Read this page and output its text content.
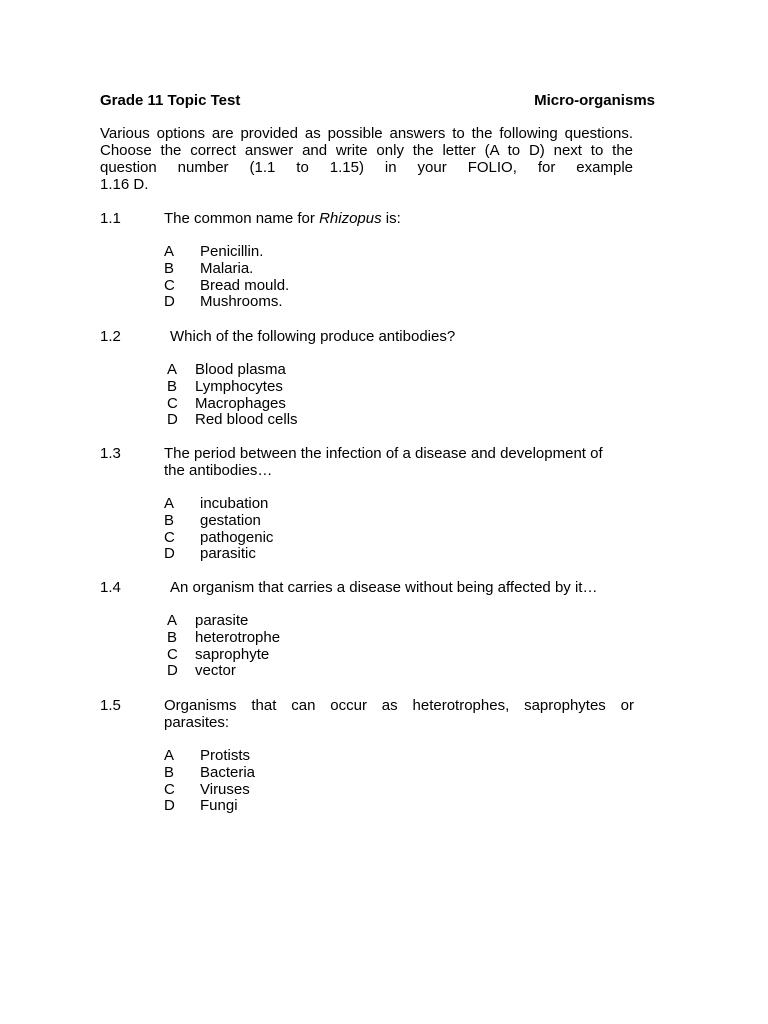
Grade 11 Topic Test	Micro-organisms
Various options are provided as possible answers to the following questions.
Choose the correct answer and write only the letter (A to D) next to the
question number (1.1 to 1.15) in your FOLIO, for example
1.16 D.
1.1	The common name for Rhizopus is:
A	Penicillin.
B	Malaria.
C	Bread mould.
D	Mushrooms.
1.2	Which of the following produce antibodies?
A	Blood plasma
B	Lymphocytes
C	Macrophages
D	Red blood cells
1.3	The period between the infection of a disease and development of
the antibodies…
A	incubation
B	gestation
C	pathogenic
D	parasitic
1.4	An organism that carries a disease without being affected by it…
A	parasite
B	heterotrophe
C	saprophyte
D	vector
1.5	Organisms that can occur as heterotrophes, saprophytes or
parasites:
A	Protists
B	Bacteria
C	Viruses
D	Fungi
